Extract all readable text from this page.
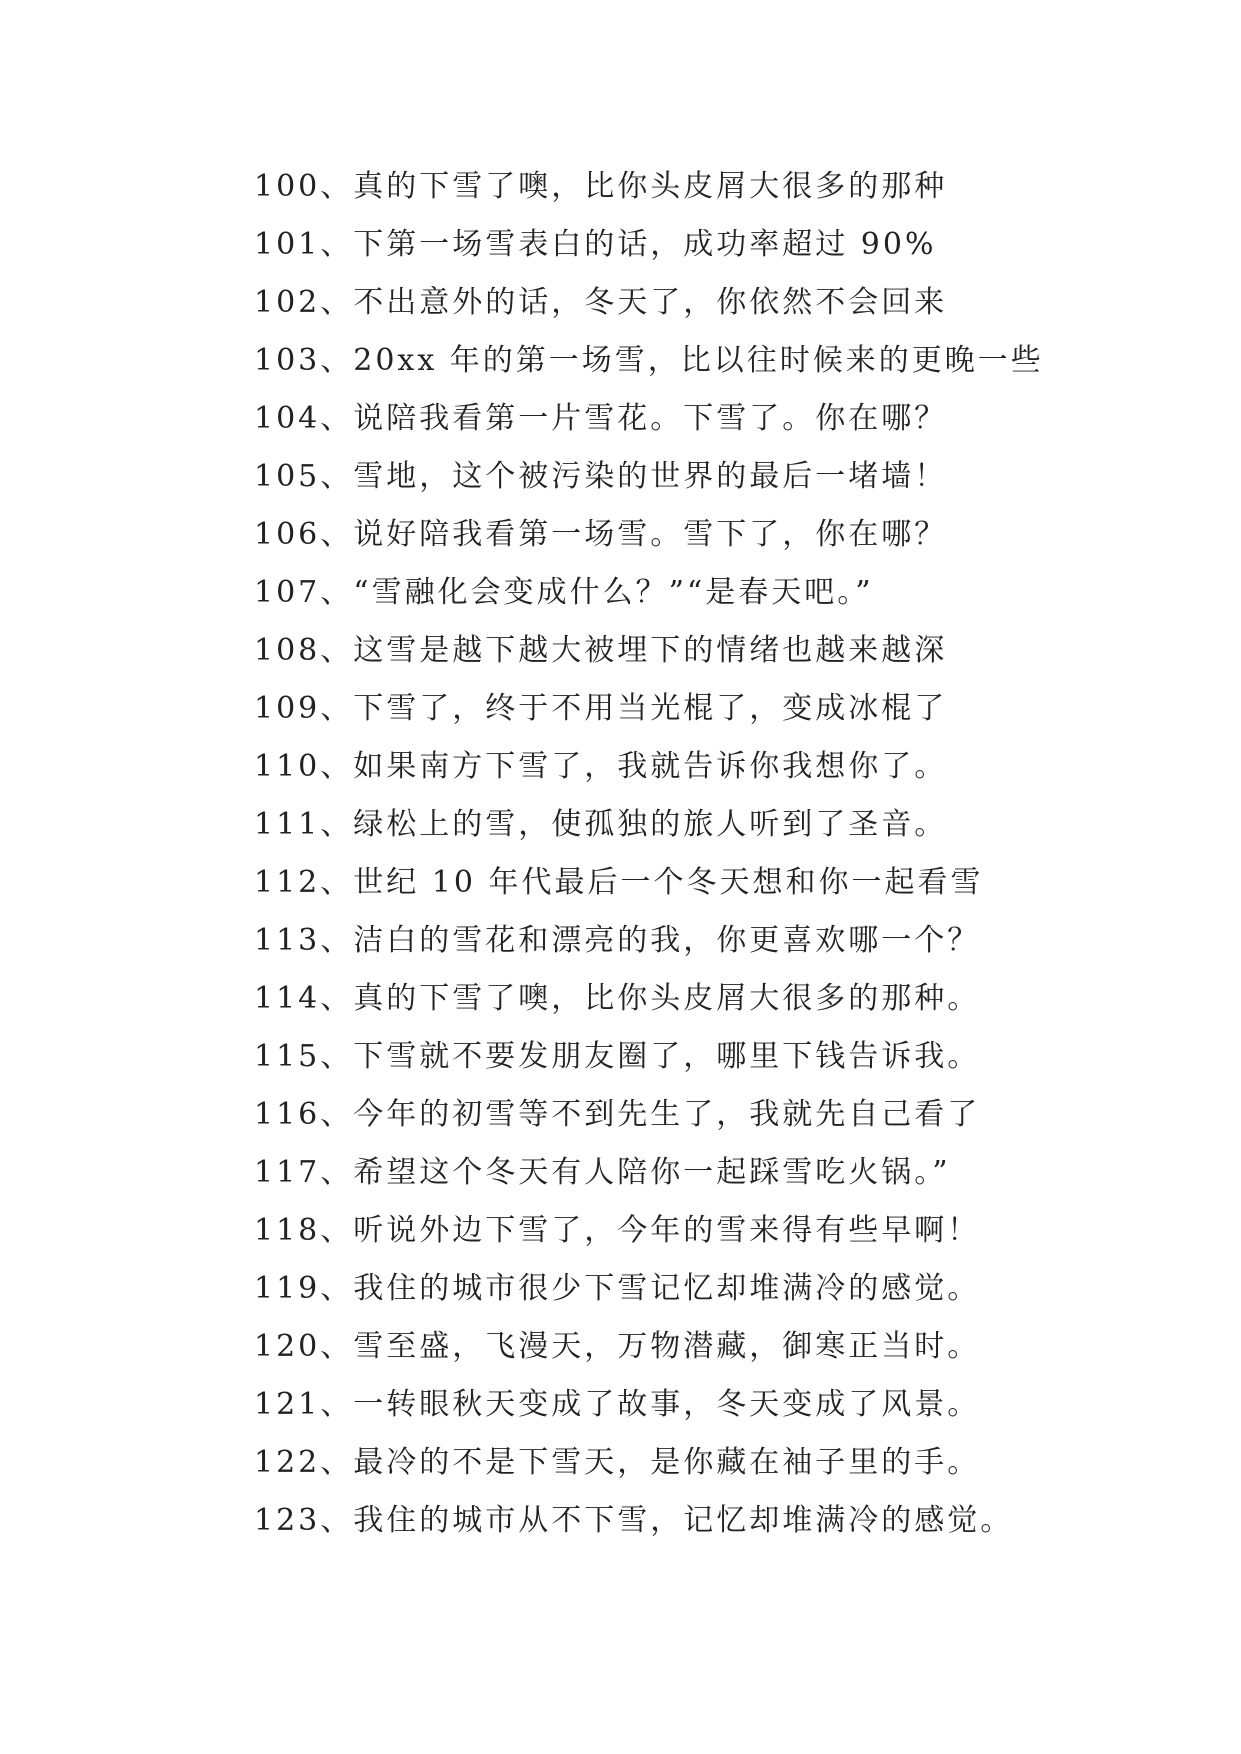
100、真的下雪了噢，比你头皮屑大很多的那种
101、下第一场雪表白的话，成功率超过 90%
102、不出意外的话，冬天了，你依然不会回来
103、20xx 年的第一场雪，比以往时候来的更晚一些
104、说陪我看第一片雪花。下雪了。你在哪？
105、雪地，这个被污染的世界的最后一堵墙！
106、说好陪我看第一场雪。雪下了，你在哪？
107、“雪融化会变成什么？”“是春天吧。”
108、这雪是越下越大被埋下的情绪也越来越深
109、下雪了，终于不用当光棍了，变成冰棍了
110、如果南方下雪了，我就告诉你我想你了。
111、绿松上的雪，使孤独的旅人听到了圣音。
112、世纪 10 年代最后一个冬天想和你一起看雪
113、洁白的雪花和漂亮的我，你更喜欢哪一个？
114、真的下雪了噢，比你头皮屑大很多的那种。
115、下雪就不要发朋友圈了，哪里下钱告诉我。
116、今年的初雪等不到先生了，我就先自己看了
117、希望这个冬天有人陪你一起踩雪吃火锅。”
118、听说外边下雪了，今年的雪来得有些早啊！
119、我住的城市很少下雪记忆却堆满冷的感觉。
120、雪至盛，飞漫天，万物潜藏，御寒正当时。
121、一转眼秋天变成了故事，冬天变成了风景。
122、最冷的不是下雪天，是你藏在袖子里的手。
123、我住的城市从不下雪，记忆却堆满冷的感觉。
